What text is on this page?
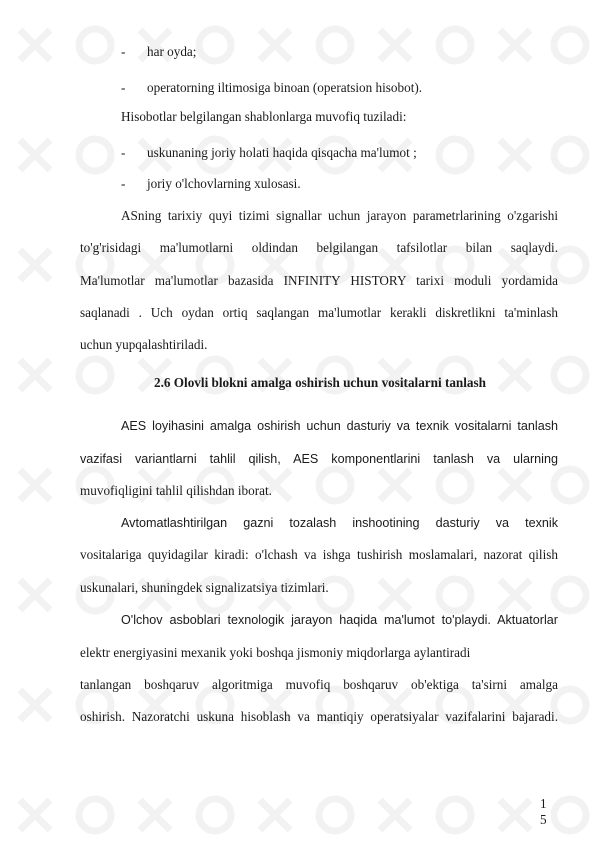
- har oyda;
- operatorning iltimosiga binoan (operatsion hisobot).
Hisobotlar belgilangan shablonlarga muvofiq tuziladi:
- uskunaning joriy holati haqida qisqacha ma'lumot ;
- joriy o'lchovlarning xulosasi.
ASning tarixiy quyi tizimi signallar uchun jarayon parametrlarining o'zgarishi
to'g'risidagi ma'lumotlarni oldindan belgilangan tafsilotlar bilan saqlaydi.
Ma'lumotlar ma'lumotlar bazasida INFINITY HISTORY tarixi moduli yordamida
saqlanadi . Uch oydan ortiq saqlangan ma'lumotlar kerakli diskretlikni ta'minlash
uchun yupqalashtiriladi.
2.6 Olovli blokni amalga oshirish uchun vositalarni tanlash
AES loyihasini amalga oshirish uchun dasturiy va texnik vositalarni tanlash
vazifasi variantlarni tahlil qilish, AES komponentlarini tanlash va ularning
muvofiqligini tahlil qilishdan iborat.
Avtomatlashtirilgan gazni tozalash inshootining dasturiy va texnik
vositalariga quyidagilar kiradi: o'lchash va ishga tushirish moslamalari, nazorat qilish
uskunalari, shuningdek signalizatsiya tizimlari.
O'lchov asboblari texnologik jarayon haqida ma'lumot to'playdi. Aktuatorlar
elektr energiyasini mexanik yoki boshqa jismoniy miqdorlarga aylantiradi
tanlangan boshqaruv algoritmiga muvofiq boshqaruv ob'ektiga ta'sirni amalga
oshirish. Nazoratchi uskuna hisoblash va mantiqiy operatsiyalar vazifalarini bajaradi.
1
5
